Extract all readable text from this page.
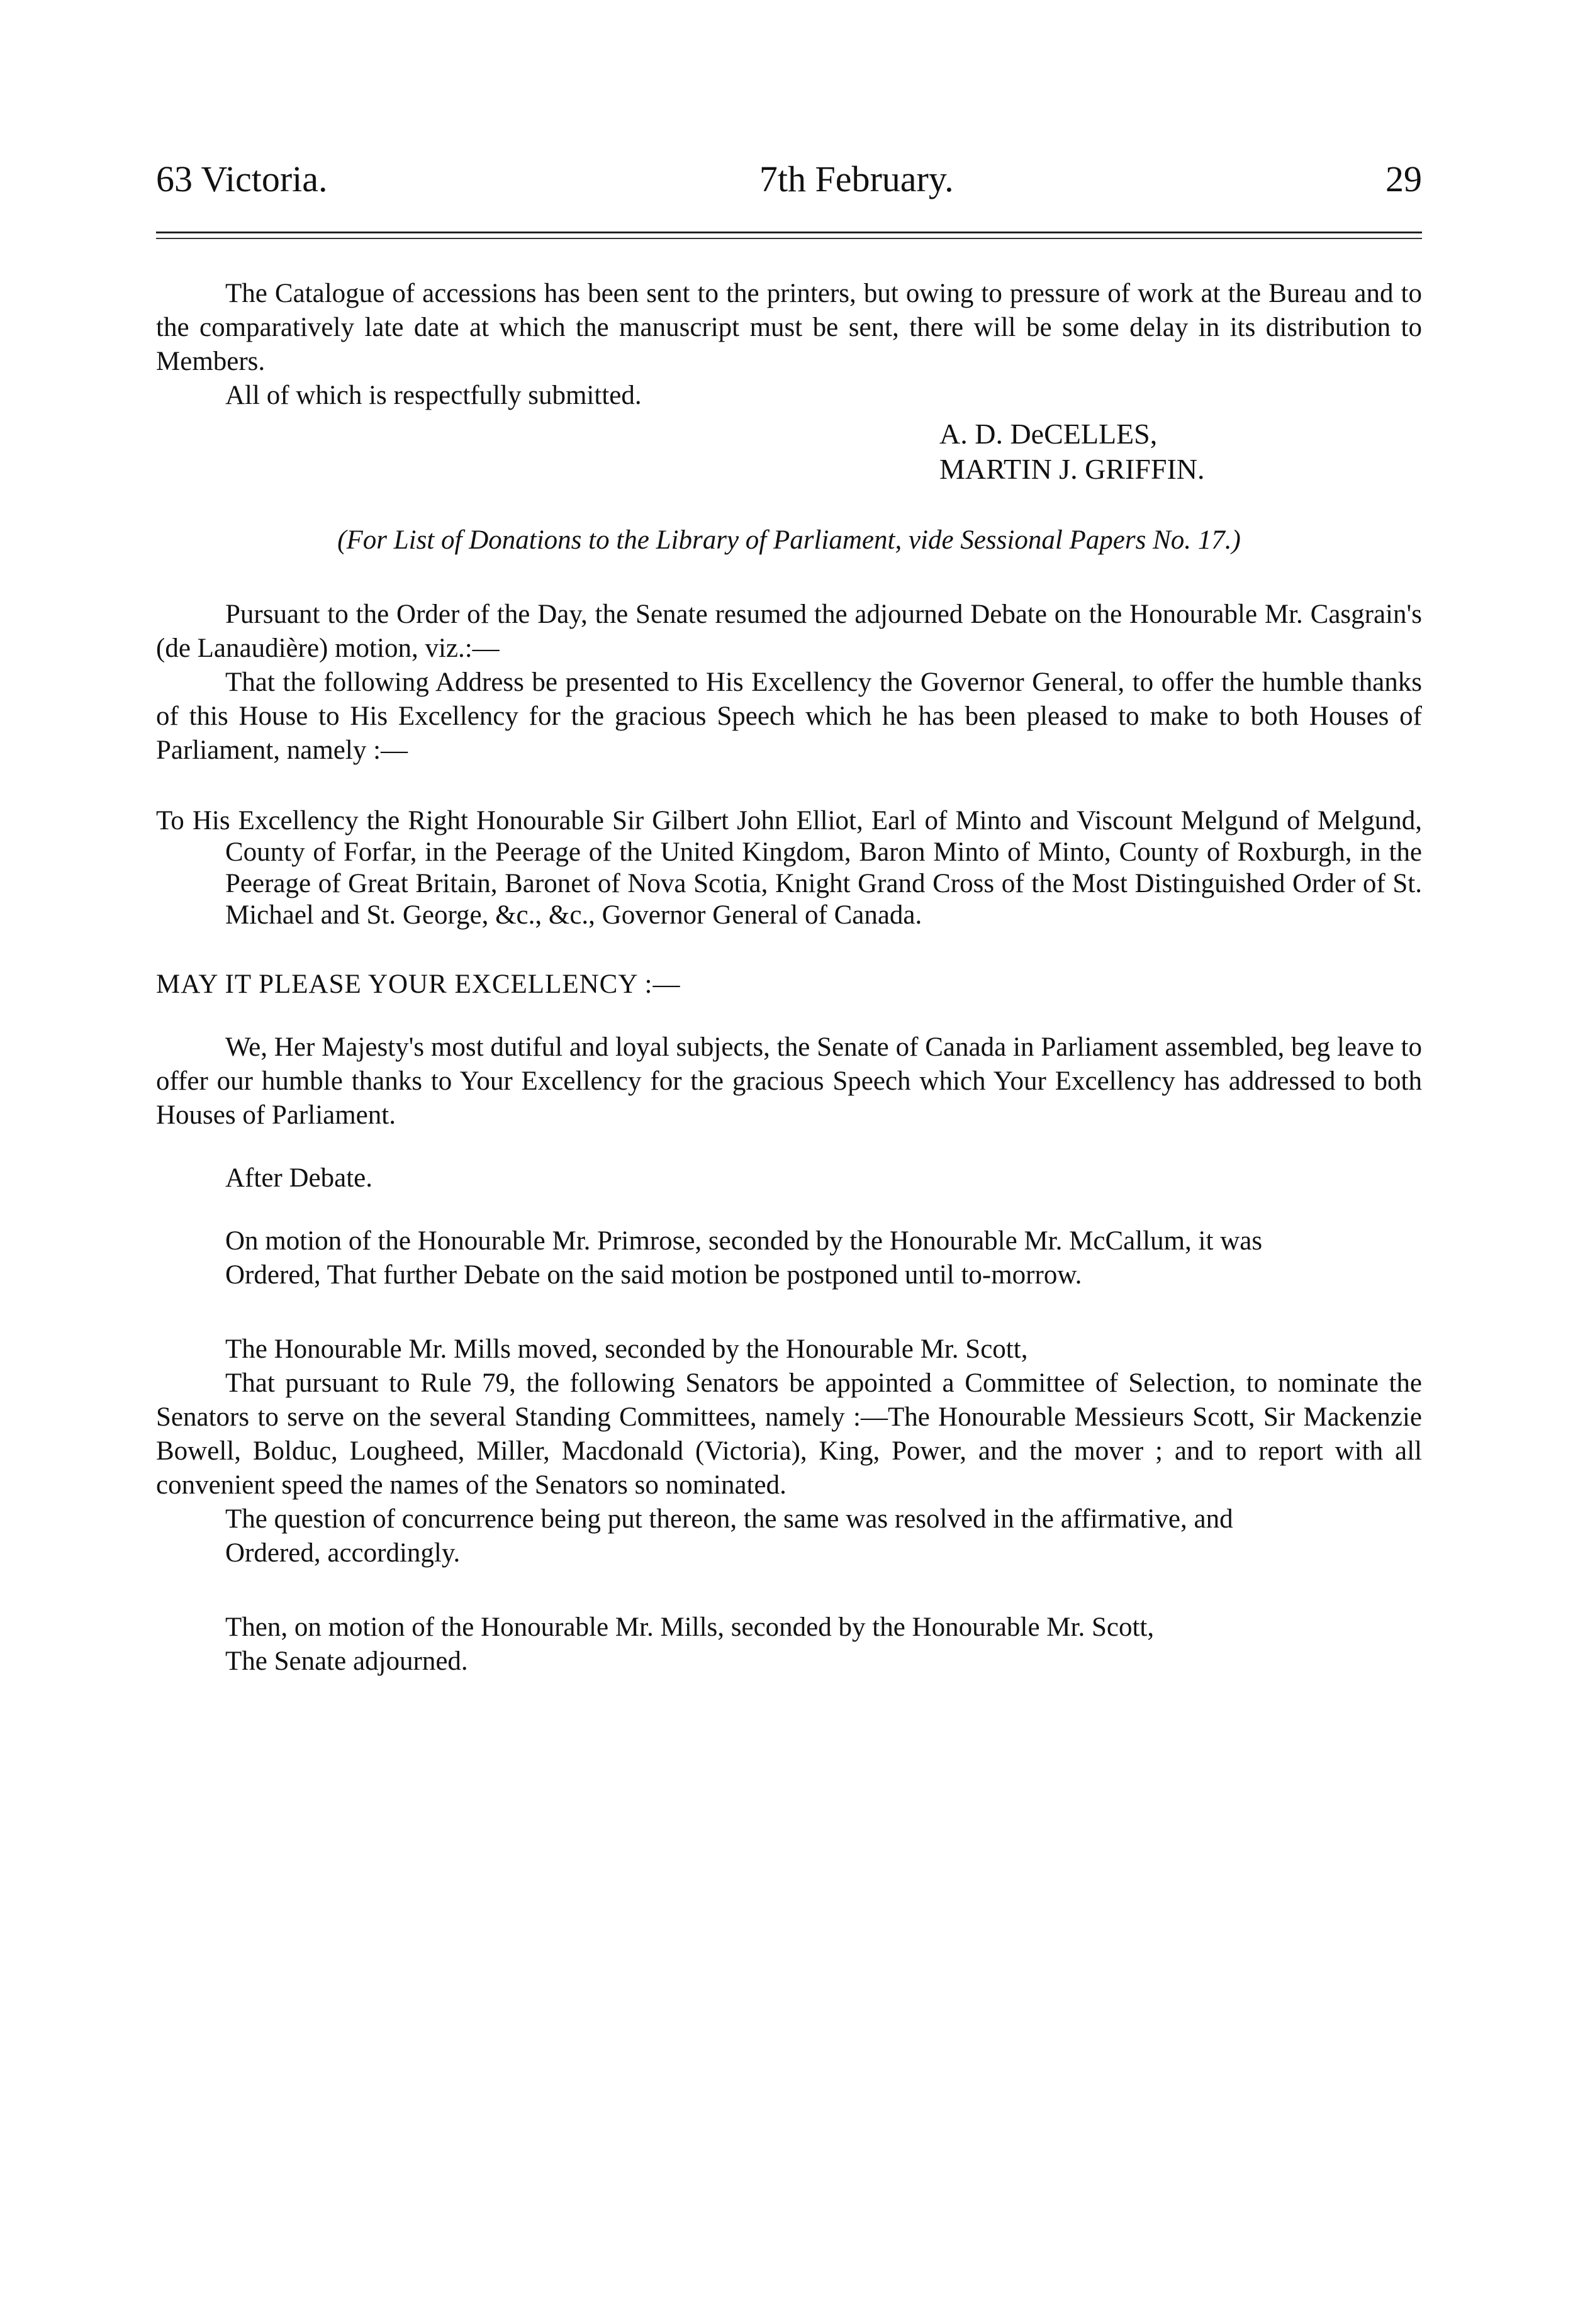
63 Victoria.	7th February.	29

The Catalogue of accessions has been sent to the printers, but owing to pressure of work at the Bureau and to the comparatively late date at which the manuscript must be sent, there will be some delay in its distribution to Members.

All of which is respectfully submitted.

A. D. DeCELLES,
MARTIN J. GRIFFIN.
(For List of Donations to the Library of Parliament, vide Sessional Papers No. 17.)

Pursuant to the Order of the Day, the Senate resumed the adjourned Debate on the Honourable Mr. Casgrain's (de Lanaudière) motion, viz.:—

That the following Address be presented to His Excellency the Governor General, to offer the humble thanks of this House to His Excellency for the gracious Speech which he has been pleased to make to both Houses of Parliament, namely :—

To His Excellency the Right Honourable Sir Gilbert John Elliot, Earl of Minto and Viscount Melgund of Melgund, County of Forfar, in the Peerage of the United Kingdom, Baron Minto of Minto, County of Roxburgh, in the Peerage of Great Britain, Baronet of Nova Scotia, Knight Grand Cross of the Most Distinguished Order of St. Michael and St. George, &c., &c., Governor General of Canada.
MAY IT PLEASE YOUR EXCELLENCY :—

We, Her Majesty's most dutiful and loyal subjects, the Senate of Canada in Parliament assembled, beg leave to offer our humble thanks to Your Excellency for the gracious Speech which Your Excellency has addressed to both Houses of Parliament.

After Debate.

On motion of the Honourable Mr. Primrose, seconded by the Honourable Mr. McCallum, it was

Ordered, That further Debate on the said motion be postponed until to-morrow.

The Honourable Mr. Mills moved, seconded by the Honourable Mr. Scott,

That pursuant to Rule 79, the following Senators be appointed a Committee of Selection, to nominate the Senators to serve on the several Standing Committees, namely :—The Honourable Messieurs Scott, Sir Mackenzie Bowell, Bolduc, Lougheed, Miller, Macdonald (Victoria), King, Power, and the mover ; and to report with all convenient speed the names of the Senators so nominated.

The question of concurrence being put thereon, the same was resolved in the affirmative, and

Ordered, accordingly.

Then, on motion of the Honourable Mr. Mills, seconded by the Honourable Mr. Scott,

The Senate adjourned.
